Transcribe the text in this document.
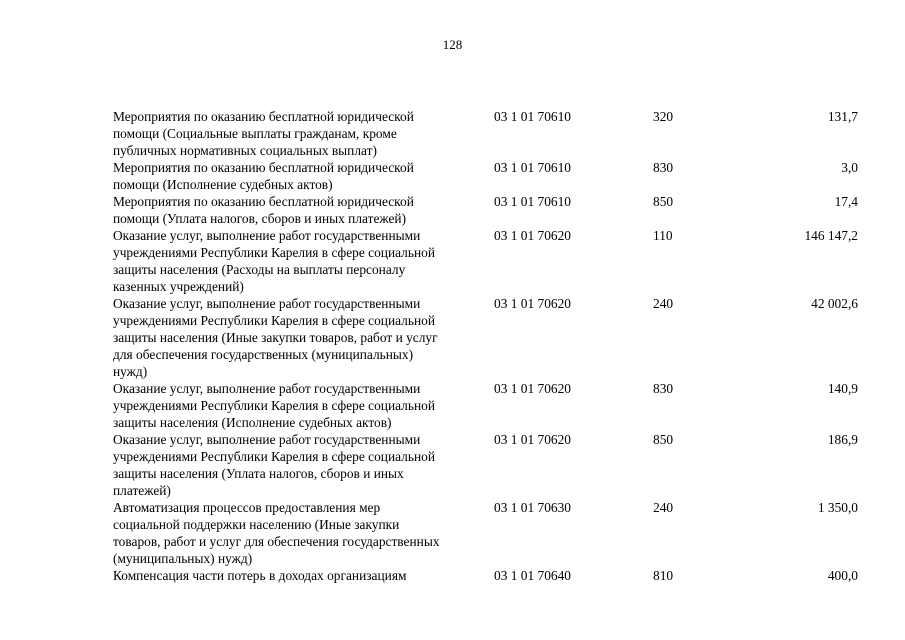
128
Мероприятия по оказанию бесплатной юридической
помощи (Социальные выплаты гражданам, кроме
публичных нормативных социальных выплат)
03 1 01 70610	320	131,7
Мероприятия по оказанию бесплатной юридической
помощи (Исполнение судебных актов)
03 1 01 70610	830	3,0
Мероприятия по оказанию бесплатной юридической
помощи (Уплата налогов, сборов и иных платежей)
03 1 01 70610	850	17,4
Оказание услуг, выполнение работ государственными
учреждениями Республики Карелия в сфере социальной
защиты населения (Расходы на выплаты персоналу
казенных учреждений)
03 1 01 70620	110	146 147,2
Оказание услуг, выполнение работ государственными
учреждениями Республики Карелия в сфере социальной
защиты населения (Иные закупки товаров, работ и услуг
для обеспечения государственных (муниципальных)
нужд)
03 1 01 70620	240	42 002,6
Оказание услуг, выполнение работ государственными
учреждениями Республики Карелия в сфере социальной
защиты населения (Исполнение судебных актов)
03 1 01 70620	830	140,9
Оказание услуг, выполнение работ государственными
учреждениями Республики Карелия в сфере социальной
защиты населения (Уплата налогов, сборов и иных
платежей)
03 1 01 70620	850	186,9
Автоматизация процессов предоставления мер
социальной поддержки населению (Иные закупки
товаров, работ и услуг для обеспечения государственных
(муниципальных) нужд)
03 1 01 70630	240	1 350,0
Компенсация части потерь в доходах организациям	03 1 01 70640	810	400,0
